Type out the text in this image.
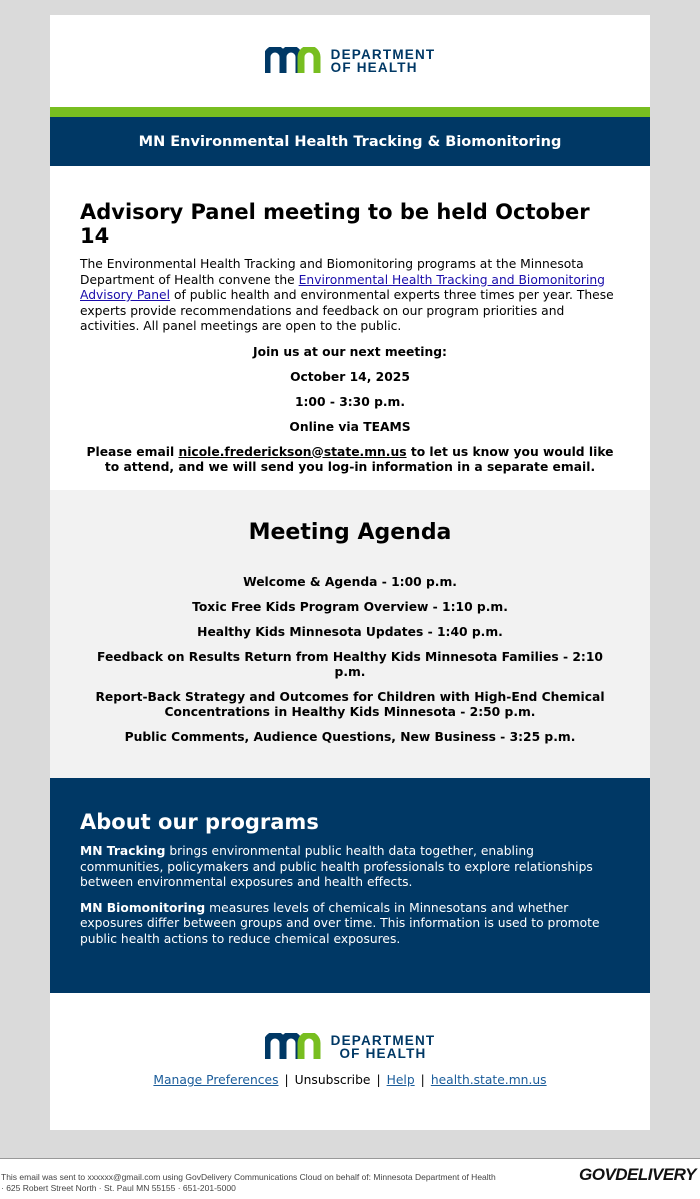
DEPARTMENT
OF HEALTH
MN Environmental Health Tracking & Biomonitoring
Advisory Panel meeting to be held October 14

The Environmental Health Tracking and Biomonitoring programs at the Minnesota Department of Health convene the Environmental Health Tracking and Biomonitoring Advisory Panel of public health and environmental experts three times per year. These experts provide recommendations and feedback on our program priorities and activities. All panel meetings are open to the public.

Join us at our next meeting:
October 14, 2025
1:00 - 3:30 p.m.
Online via TEAMS
Please email nicole.frederickson@state.mn.us to let us know you would like to attend, and we will send you log-in information in a separate email.
Meeting Agenda
Welcome & Agenda - 1:00 p.m.
Toxic Free Kids Program Overview - 1:10 p.m.
Healthy Kids Minnesota Updates - 1:40 p.m.
Feedback on Results Return from Healthy Kids Minnesota Families - 2:10 p.m.
Report-Back Strategy and Outcomes for Children with High-End Chemical Concentrations in Healthy Kids Minnesota - 2:50 p.m.
Public Comments, Audience Questions, New Business - 3:25 p.m.
About our programs

MN Tracking brings environmental public health data together, enabling communities, policymakers and public health professionals to explore relationships between environmental exposures and health effects.

MN Biomonitoring measures levels of chemicals in Minnesotans and whether exposures differ between groups and over time. This information is used to promote public health actions to reduce chemical exposures.

DEPARTMENT
OF HEALTH
Manage Preferences | Unsubscribe | Help | health.state.mn.us
This email was sent to xxxxxx@gmail.com using GovDelivery Communications Cloud on behalf of: Minnesota Department of Health
· 625 Robert Street North · St. Paul MN 55155 · 651-201-5000
GOVDELIVERY
